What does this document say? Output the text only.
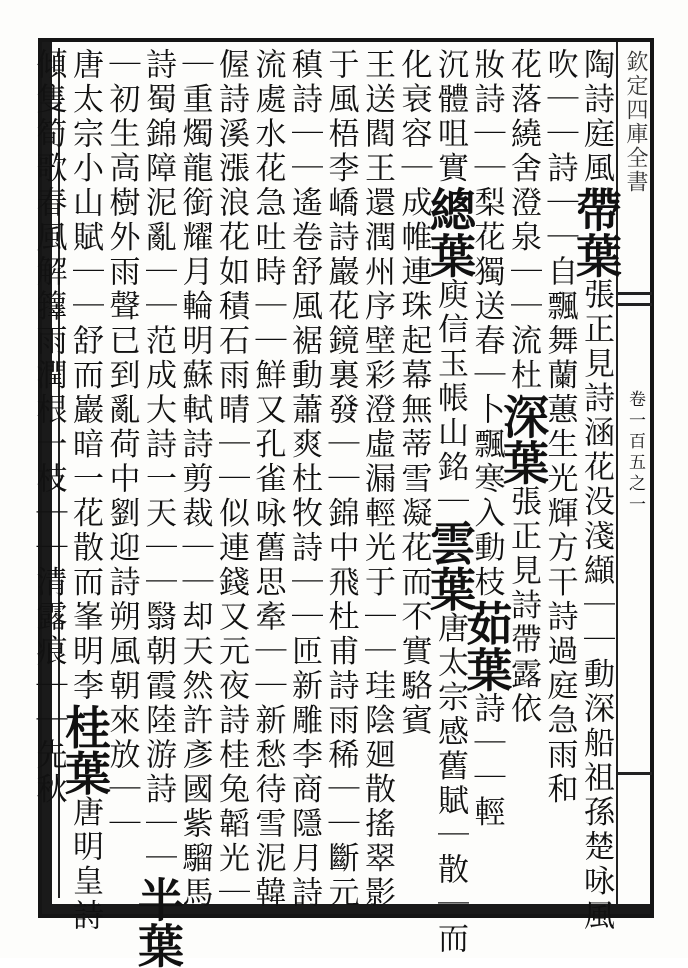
欽定四庫全書
卷一百五之一
陶詩庭風帶葉張正見詩涵花没淺纈｜｜動深船祖孫楚咏風
吹｜｜詩｜｜自飄舞蘭蕙生光輝方干詩過庭急雨和
花落繞舍澄泉｜｜流杜深葉張正見詩帶露依
妝詩｜｜梨花獨送春｜卜飄寒入動枝茹葉詩｜｜輕
沉體咀實總葉庾信玉帳山銘｜雲葉唐太宗感舊賦｜散｜而
化衰容｜成帷連珠起幕無蒂雪凝花而不實駱賓
王送閻王還潤州序壁彩澄虛漏輕光于｜｜珪陰廻散搖翠影
于風梧李嶠詩巖花鏡裏發｜｜錦中飛杜甫詩雨稀｜｜斷元
稹詩｜｜遙卷舒風裾動蕭爽杜牧詩｜｜匝新雕李商隱月詩
流處水花急吐時｜｜鮮又孔雀咏舊思牽｜｜新愁待雪泥韓
偓詩溪漲浪花如積石雨晴｜｜似連錢又元夜詩桂兔韜光｜
｜重燭龍銜耀月輪明蘇軾詩剪裁｜｜却天然許彥國紫騮馬
詩蜀錦障泥亂｜｜范成大詩一天｜｜翳朝霞陸游詩｜｜半葉
｜初生高樹外雨聲已到亂荷中劉迎詩朔風朝來放｜｜
唐太宗小山賦｜｜舒而巖暗一花散而峯明李桂葉唐明皇詩
傾隻筍歌春風解籜雨潤根一枝｜｜清露痕｜｜先秋
